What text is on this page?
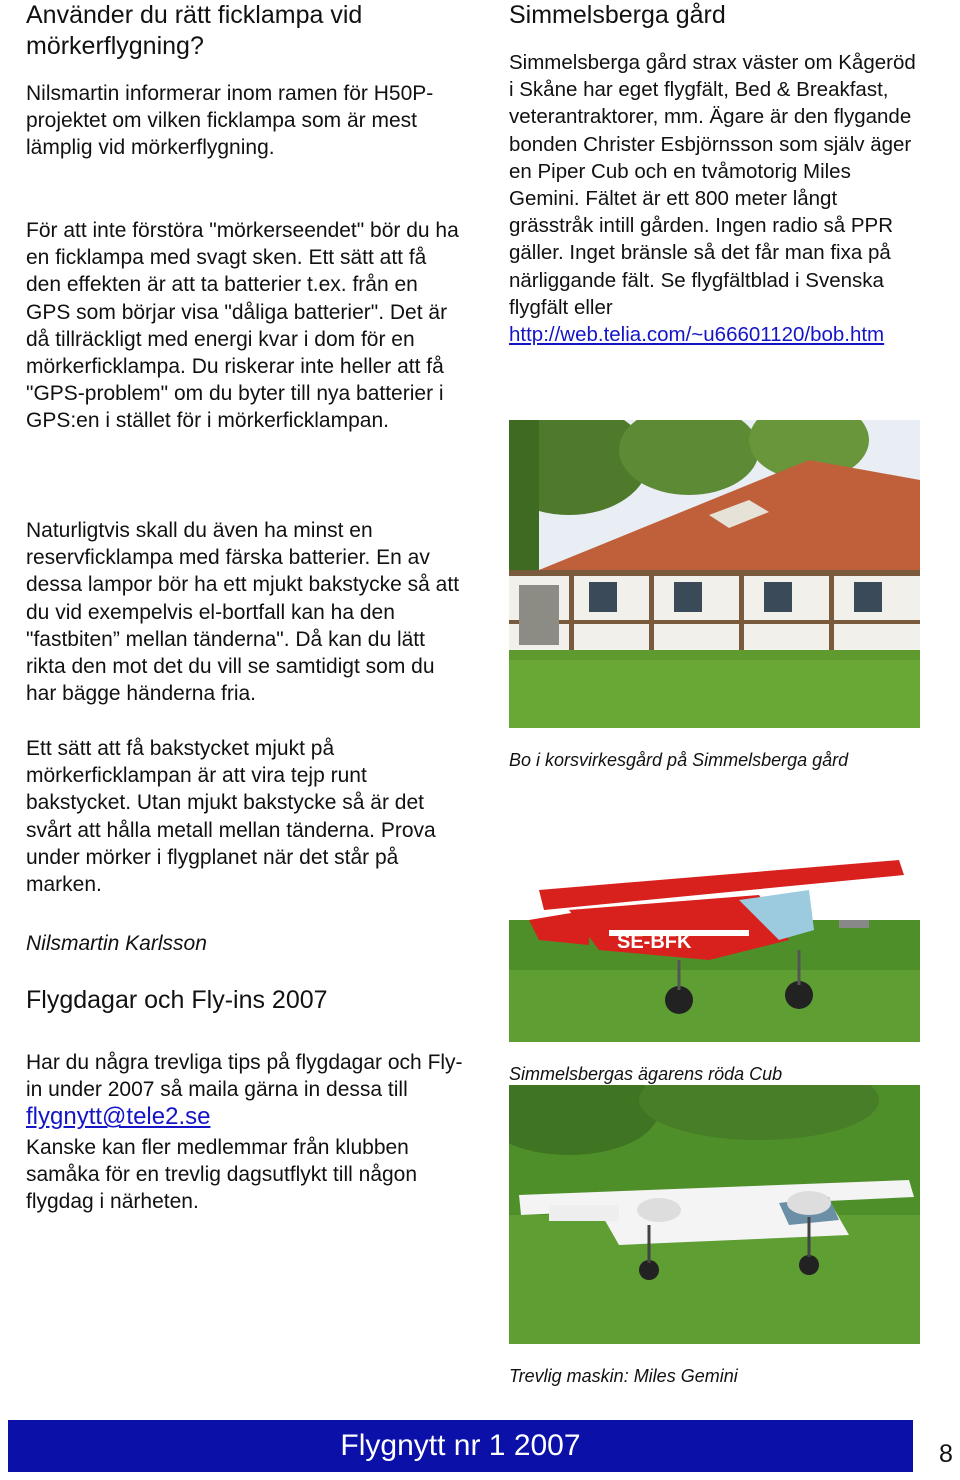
Använder du rätt ficklampa vid mörkerflygning?

Nilsmartin informerar inom ramen för H50P-projektet om vilken ficklampa som är mest lämplig vid mörkerflygning.

För att inte förstöra "mörkerseendet" bör du ha en ficklampa med svagt sken. Ett sätt att få den effekten är att ta batterier t.ex. från en GPS som börjar visa "dåliga batterier". Det är då tillräckligt med energi kvar i dom för en mörkerficklampa. Du riskerar inte heller att få "GPS-problem" om du byter till nya batterier i GPS:en i stället för i mörkerficklampan.

Naturligtvis skall du även ha minst en reservficklampa med färska batterier. En av dessa lampor bör ha ett mjukt bakstycke så att du vid exempelvis el-bortfall kan ha den "fastbiten” mellan tänderna". Då kan du lätt rikta den mot det du vill se samtidigt som du har bägge händerna fria.

Ett sätt att få bakstycket mjukt på mörkerficklampan är att vira tejp runt bakstycket. Utan mjukt bakstycke så är det svårt att hålla metall mellan tänderna. Prova under mörker i flygplanet när det står på marken.

Nilsmartin Karlsson

Flygdagar och Fly-ins 2007

Har du några trevliga tips på flygdagar och Fly-in under 2007 så maila gärna in dessa till flygnytt@tele2.se

Kanske kan fler medlemmar från klubben samåka för en trevlig dagsutflykt till någon flygdag i närheten.

Simmelsberga gård

Simmelsberga gård strax väster om Kågeröd i Skåne har eget flygfält, Bed & Breakfast, veterantraktorer, mm. Ägare är den flygande bonden Christer Esbjörnsson som själv äger en Piper Cub och en tvåmotorig Miles Gemini. Fältet är ett 800 meter långt grässtråk intill gården. Ingen radio så PPR gäller. Inget bränsle så det får man fixa på närliggande fält. Se flygfältblad i Svenska flygfält eller
http://web.telia.com/~u66601120/bob.htm

Bo i korsvirkesgård på Simmelsberga gård

SE-BFK

Simmelsbergas ägarens röda Cub

Trevlig maskin: Miles Gemini

Flygnytt nr 1 2007	8
